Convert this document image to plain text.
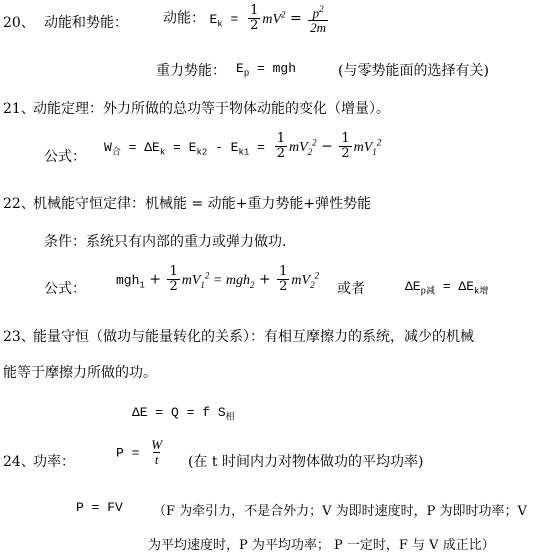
20、 动能和势能：	动能： $E_k = \frac{1}{2} mV^2 = \frac{p^2}{2m}$
重力势能： $E_p$ = mgh	(与零势能面的选择有关)
21、
动能定理：外力所做的总功等于物体动能的变化（增量）。
公式：
$W_合 = \Delta E_k = E_{k2} - E_{k1} = \frac{1}{2} mV_2^2 - \frac{1}{2} mV_1^2$
22、
机械能守恒定律：机械能 = 动能+重力势能+弹性势能
条件：系统只有内部的重力或弹力做功.
公式：
$mgh_1 + \frac{1}{2} mV_1^2 = mgh_2 + \frac{1}{2} mV_2^2$
或者	$\Delta E_{p减} = \Delta E_{k增}$
23、
能量守恒（做功与能量转化的关系）：有相互摩擦力的系统，减少的机械
能等于摩擦力所做的功。
ΔE = Q = f $S_相$
24、
功率：
$P = \frac{W}{t}$ (在 t 时间内力对物体做功的平均功率)
P = FV （F 为牵引力，不是合外力；V 为即时速度时，P 为即时功率；V
为平均速度时，P 为平均功率； P 一定时，F 与 V 成正比）
